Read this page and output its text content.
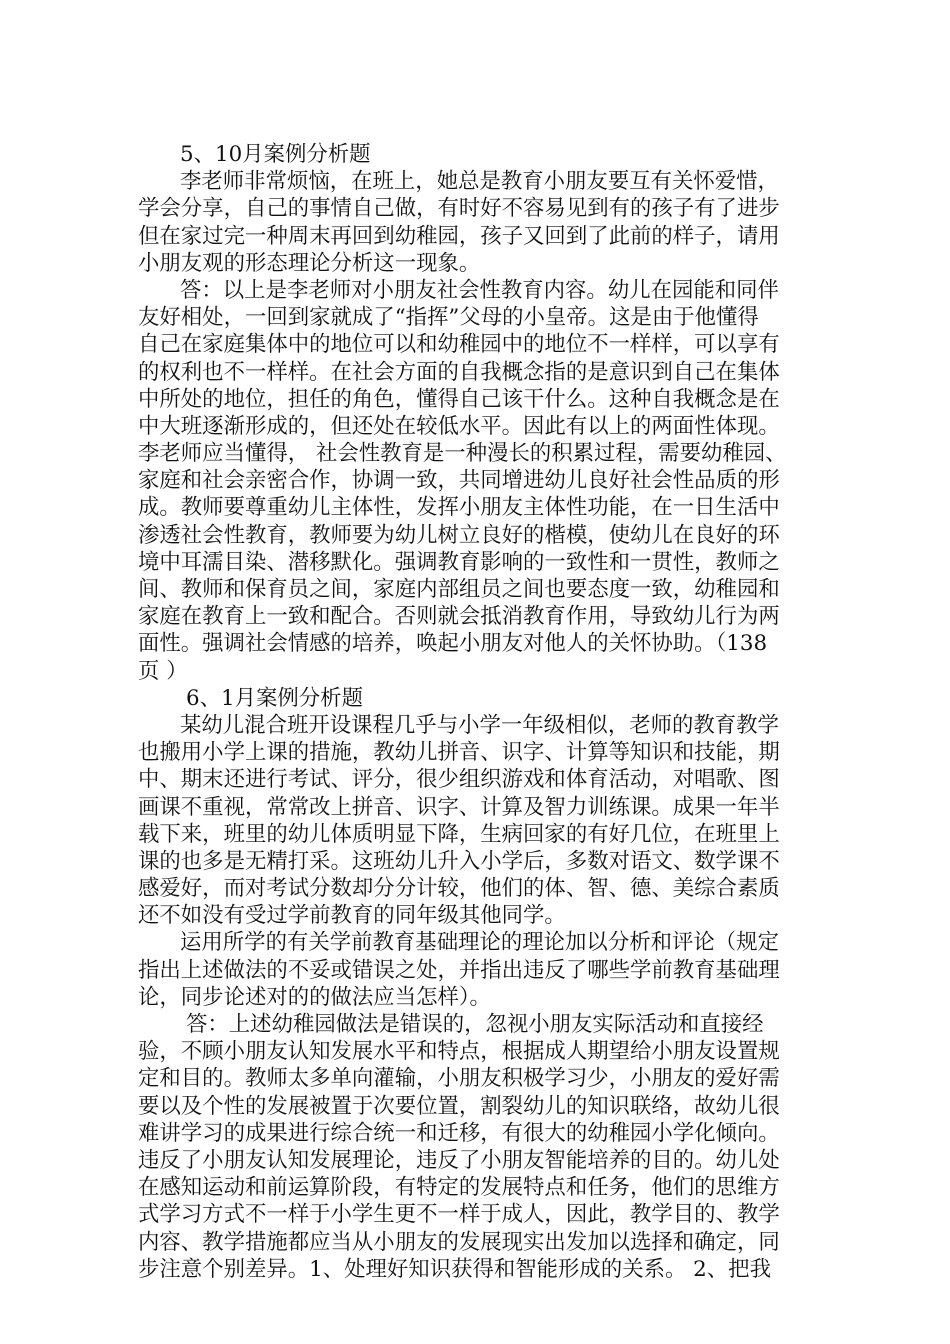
5、10月案例分析题
李老师非常烦恼，在班上，她总是教育小朋友要互有关怀爱惜，
学会分享，自己的事情自己做，有时好不容易见到有的孩子有了进步
但在家过完一种周末再回到幼稚园，孩子又回到了此前的样子，请用
小朋友观的形态理论分析这一现象。
答：以上是李老师对小朋友社会性教育内容。幼儿在园能和同伴
友好相处，一回到家就成了“指挥”父母的小皇帝。这是由于他懂得
自己在家庭集体中的地位可以和幼稚园中的地位不一样样，可以享有
的权利也不一样样。在社会方面的自我概念指的是意识到自己在集体
中所处的地位，担任的角色，懂得自己该干什么。这种自我概念是在
中大班逐渐形成的，但还处在较低水平。因此有以上的两面性体现。
李老师应当懂得， 社会性教育是一种漫长的积累过程，需要幼稚园、
家庭和社会亲密合作，协调一致，共同增进幼儿良好社会性品质的形
成。教师要尊重幼儿主体性，发挥小朋友主体性功能，在一日生活中
渗透社会性教育，教师要为幼儿树立良好的楷模，使幼儿在良好的环
境中耳濡目染、潜移默化。强调教育影响的一致性和一贯性，教师之
间、教师和保育员之间，家庭内部组员之间也要态度一致，幼稚园和
家庭在教育上一致和配合。否则就会抵消教育作用，导致幼儿行为两
面性。强调社会情感的培养，唤起小朋友对他人的关怀协助。（138
页 ）
6、1月案例分析题
某幼儿混合班开设课程几乎与小学一年级相似，老师的教育教学
也搬用小学上课的措施，教幼儿拼音、识字、计算等知识和技能，期
中、期末还进行考试、评分，很少组织游戏和体育活动，对唱歌、图
画课不重视，常常改上拼音、识字、计算及智力训练课。成果一年半
载下来，班里的幼儿体质明显下降，生病回家的有好几位，在班里上
课的也多是无精打采。这班幼儿升入小学后，多数对语文、数学课不
感爱好，而对考试分数却分分计较，他们的体、智、德、美综合素质
还不如没有受过学前教育的同年级其他同学。
运用所学的有关学前教育基础理论的理论加以分析和评论（规定
指出上述做法的不妥或错误之处，并指出违反了哪些学前教育基础理
论，同步论述对的的做法应当怎样）。
答：上述幼稚园做法是错误的，忽视小朋友实际活动和直接经
验，不顾小朋友认知发展水平和特点，根据成人期望给小朋友设置规
定和目的。教师太多单向灌输，小朋友积极学习少，小朋友的爱好需
要以及个性的发展被置于次要位置，割裂幼儿的知识联络，故幼儿很
难讲学习的成果进行综合统一和迁移，有很大的幼稚园小学化倾向。
违反了小朋友认知发展理论，违反了小朋友智能培养的目的。幼儿处
在感知运动和前运算阶段，有特定的发展特点和任务，他们的思维方
式学习方式不一样于小学生更不一样于成人，因此，教学目的、教学
内容、教学措施都应当从小朋友的发展现实出发加以选择和确定，同
步注意个别差异。1、处理好知识获得和智能形成的关系。 2、把我
